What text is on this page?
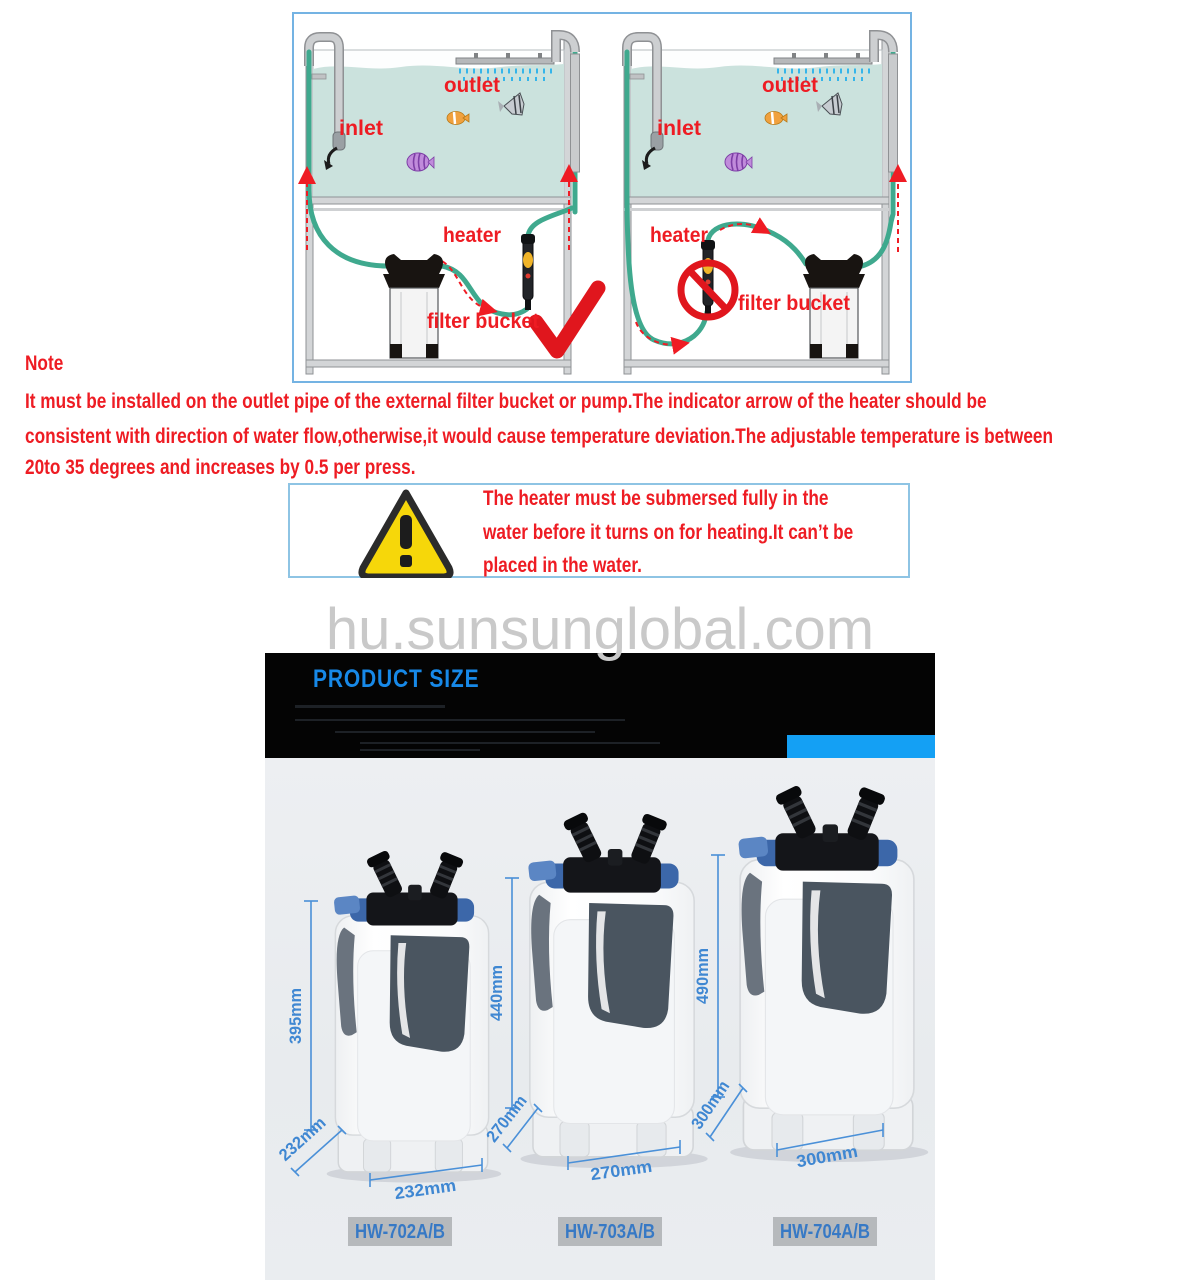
outlet
inlet
heater
filter bucket
outlet
inlet
heater
filter bucket
Note
It must be installed on the outlet pipe of the external filter bucket or pump.The indicator arrow of the heater should be
consistent with direction of water flow,otherwise,it would cause temperature deviation.The adjustable temperature is between
20to 35 degrees and increases by 0.5 per press.
The heater must be submersed fully in the
water before it turns on for heating.It can’t be
placed in the water.
hu.sunsunglobal.com
PRODUCT SIZE
395mm
232mm
232mm
440mm
270mm
270mm
490mm
300mm
300mm
HW-702A/B	HW-703A/B	HW-704A/B
